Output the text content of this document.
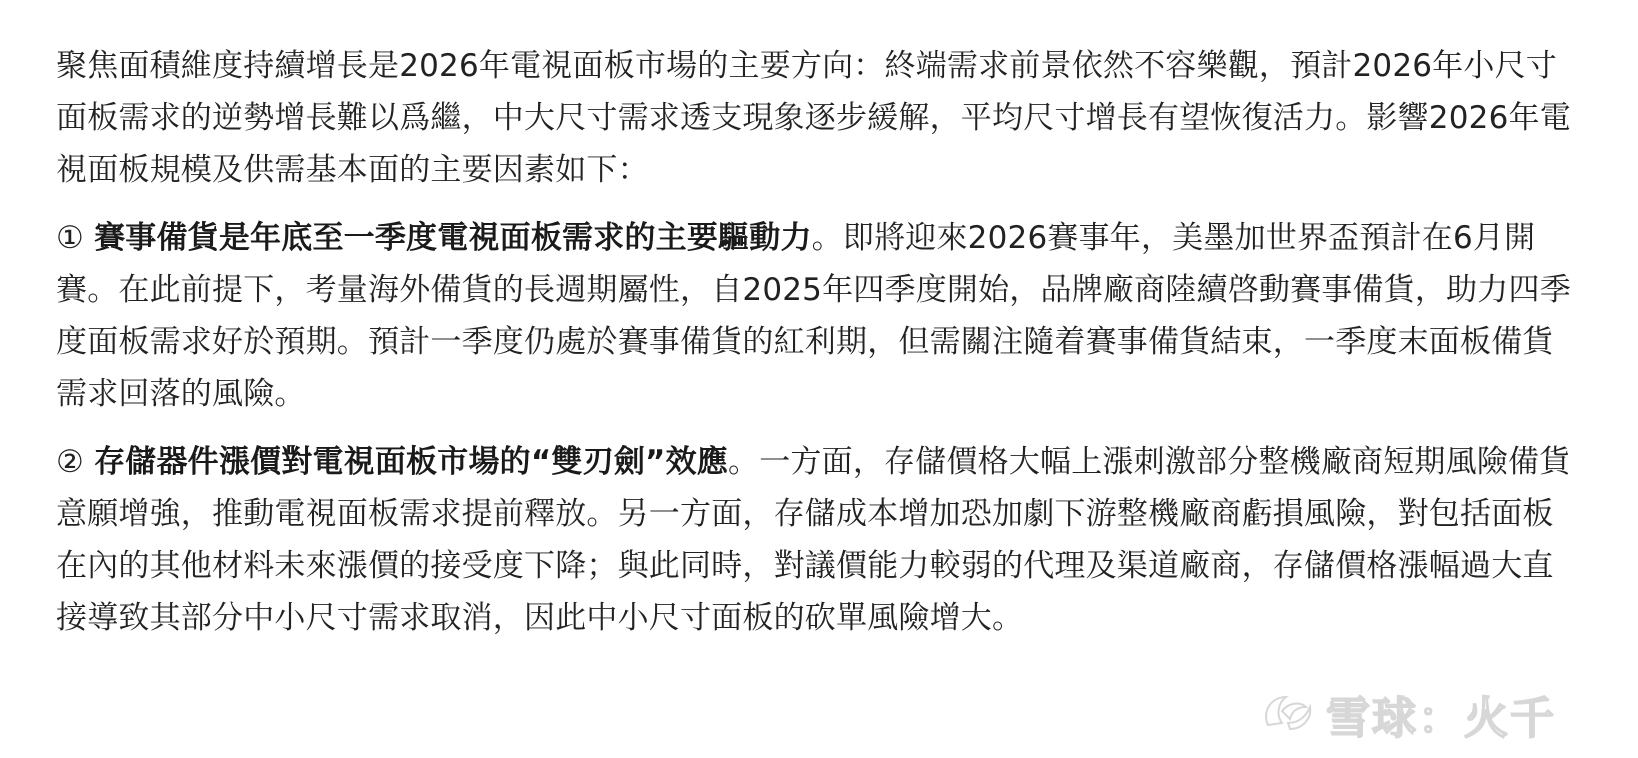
聚焦面積維度持續增長是2026年電視面板市場的主要方向：終端需求前景依然不容樂觀，預計2026年小尺寸面板需求的逆勢增長難以爲繼，中大尺寸需求透支現象逐步緩解，平均尺寸增長有望恢復活力。影響2026年電視面板規模及供需基本面的主要因素如下：

① 賽事備貨是年底至一季度電視面板需求的主要驅動力。即將迎來2026賽事年，美墨加世界盃預計在6月開賽。在此前提下，考量海外備貨的長週期屬性，自2025年四季度開始，品牌廠商陸續啓動賽事備貨，助力四季度面板需求好於預期。預計一季度仍處於賽事備貨的紅利期，但需關注隨着賽事備貨結束，一季度末面板備貨需求回落的風險。

② 存儲器件漲價對電視面板市場的“雙刃劍”效應。一方面，存儲價格大幅上漲刺激部分整機廠商短期風險備貨意願增強，推動電視面板需求提前釋放。另一方面，存儲成本增加恐加劇下游整機廠商虧損風險，對包括面板在內的其他材料未來漲價的接受度下降；與此同時，對議價能力較弱的代理及渠道廠商，存儲價格漲幅過大直接導致其部分中小尺寸需求取消，因此中小尺寸面板的砍單風險增大。

雪球：火千
